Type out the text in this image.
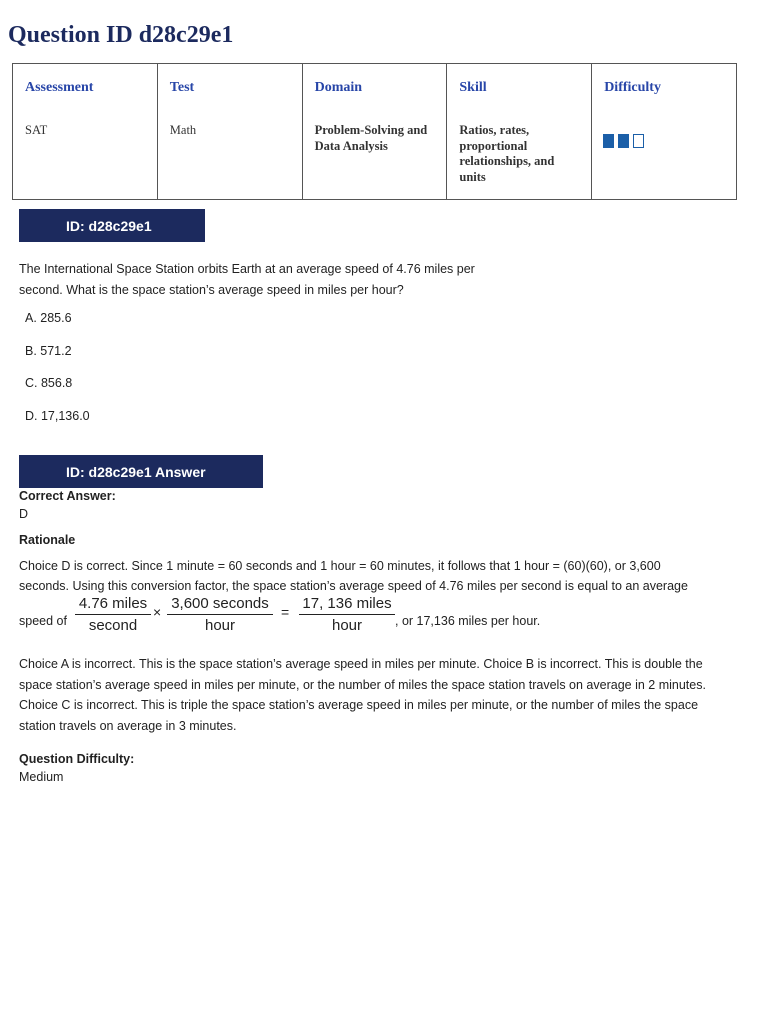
Question ID d28c29e1
Assessment
SAT

Test
Math

Domain
Problem-Solving and Data Analysis

Skill
Ratios, rates, proportional relationships, and units

Difficulty
ID: d28c29e1
The International Space Station orbits Earth at an average speed of 4.76 miles per
second. What is the space station’s average speed in miles per hour?
A. 285.6
B. 571.2
C. 856.8
D. 17,136.0
ID: d28c29e1 Answer
Correct Answer:
D
Rationale
Choice D is correct. Since 1 minute = 60 seconds and 1 hour = 60 minutes, it follows that 1 hour = (60)(60), or 3,600
seconds. Using this conversion factor, the space station’s average speed of 4.76 miles per second is equal to an average
speed of
4.76 miles
second
× 3,600 seconds
hour
= 17, 136 miles
hour	, or 17,136 miles per hour.
Choice A is incorrect. This is the space station’s average speed in miles per minute. Choice B is incorrect. This is double the
space station’s average speed in miles per minute, or the number of miles the space station travels on average in 2 minutes.
Choice C is incorrect. This is triple the space station’s average speed in miles per minute, or the number of miles the space
station travels on average in 3 minutes.
Question Difficulty:
Medium
